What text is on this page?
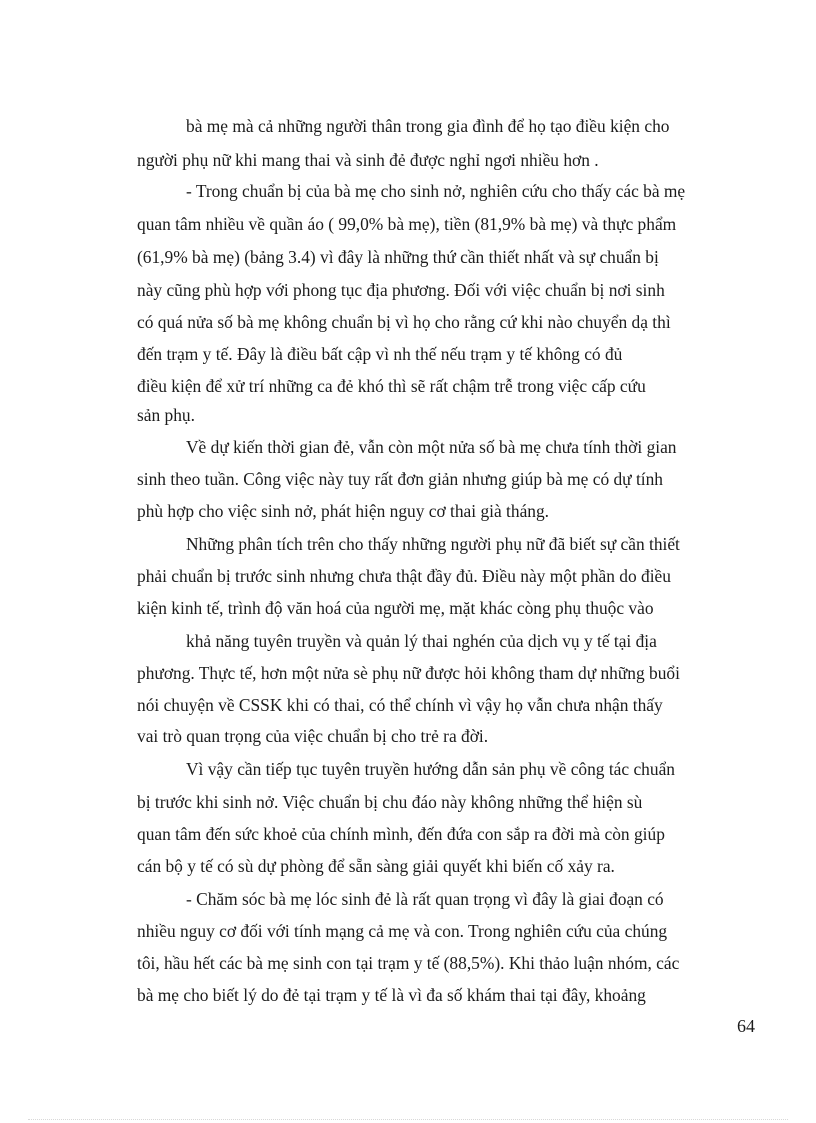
bà mẹ mà cả những người thân trong gia đình để họ tạo điều kiện cho
người phụ nữ khi mang thai và sinh đẻ được nghỉ ngơi nhiều hơn .
- Trong chuẩn bị của bà mẹ cho sinh nở, nghiên cứu cho thấy các bà mẹ
quan tâm nhiều về quần áo ( 99,0% bà mẹ), tiền (81,9% bà mẹ) và thực phẩm
(61,9% bà mẹ) (bảng 3.4) vì đây là những thứ cần thiết nhất và sự chuẩn bị
này cũng phù hợp với phong tục địa phương. Đối với việc chuẩn bị nơi sinh
có quá nửa số bà mẹ không chuẩn bị vì họ cho rằng cứ khi nào chuyển dạ thì
đến trạm y tế. Đây là điều bất cập vì nh thế nếu trạm y tế không có đủ
điều kiện để xử trí những ca đẻ khó thì sẽ rất chậm trễ trong việc cấp cứu
sản phụ.
Về dự kiến thời gian đẻ, vẫn còn một nửa số bà mẹ chưa tính thời gian
sinh theo tuần. Công việc này tuy rất đơn giản nhưng giúp bà mẹ có dự tính
phù hợp cho việc sinh nở, phát hiện nguy cơ thai già tháng.
Những phân tích trên cho thấy những người phụ nữ đã biết sự cần thiết
phải chuẩn bị trước sinh nhưng chưa thật đầy đủ. Điều này một phần do điều
kiện kinh tế, trình độ văn hoá của người mẹ, mặt khác còng phụ thuộc vào
khả năng tuyên truyền và quản lý thai nghén của dịch vụ y tế tại địa
phương. Thực tế, hơn một nửa sè phụ nữ được hỏi không tham dự những buổi
nói chuyện về CSSK khi có thai, có thể chính vì vậy họ vẫn chưa nhận thấy
vai trò quan trọng của việc chuẩn bị cho trẻ ra đời.
Vì vậy cần tiếp tục tuyên truyền hướng dẫn sản phụ về công tác chuẩn
bị trước khi sinh nở. Việc chuẩn bị chu đáo này không những thể hiện sù
quan tâm đến sức khoẻ của chính mình, đến đứa con sắp ra đời mà còn giúp
cán bộ y tế có sù dự phòng để sẵn sàng giải quyết khi biến cố xảy ra.
- Chăm sóc bà mẹ lóc sinh đẻ là rất quan trọng vì đây là giai đoạn có
nhiều nguy cơ đối với tính mạng cả mẹ và con. Trong nghiên cứu của chúng
tôi, hầu hết các bà mẹ sinh con tại trạm y tế (88,5%). Khi thảo luận nhóm, các
bà mẹ cho biết lý do đẻ tại trạm y tế là vì đa số khám thai tại đây, khoảng
64
